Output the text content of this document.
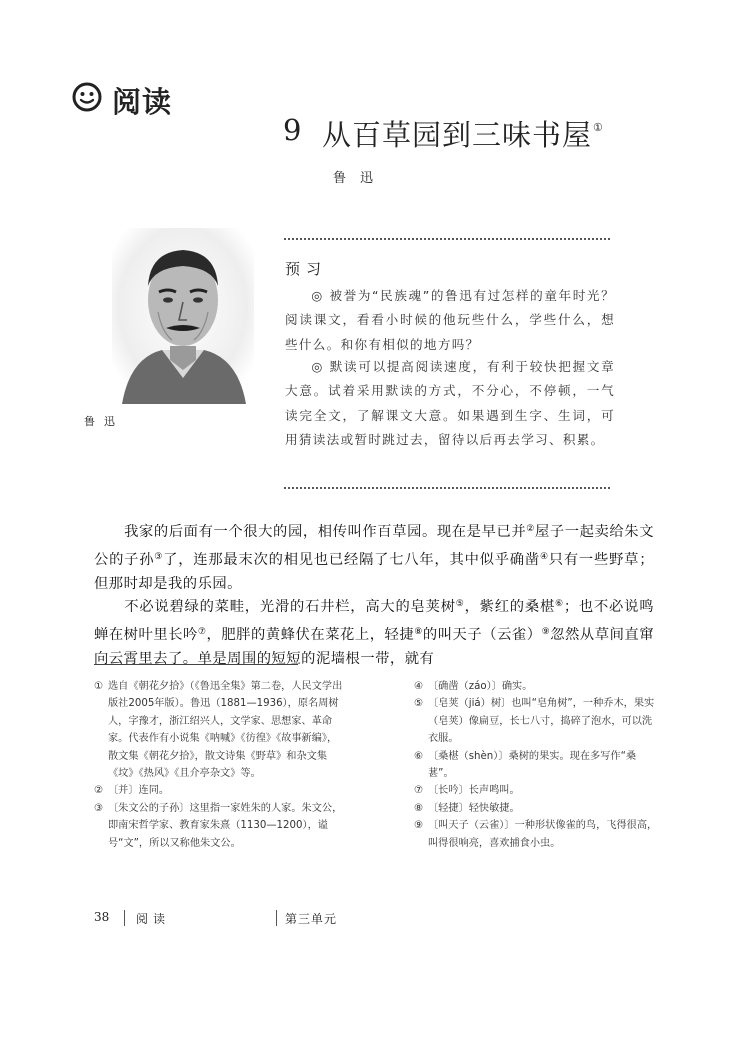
阅读
9 从百草园到三味书屋①
鲁迅
鲁迅
预习
◎ 被誉为“民族魂”的鲁迅有过怎样的童年时光？阅读课文，看看小时候的他玩些什么，学些什么，想些什么。和你有相似的地方吗？
◎ 默读可以提高阅读速度，有利于较快把握文章大意。试着采用默读的方式，不分心，不停顿，一气读完全文，了解课文大意。如果遇到生字、生词，可用猜读法或暂时跳过去，留待以后再去学习、积累。
我家的后面有一个很大的园，相传叫作百草园。现在是早已并②屋子一起卖给朱文公的子孙③了，连那最末次的相见也已经隔了七八年，其中似乎确凿④只有一些野草；但那时却是我的乐园。
不必说碧绿的菜畦，光滑的石井栏，高大的皂荚树⑤，紫红的桑椹⑥；也不必说鸣蝉在树叶里长吟⑦，肥胖的黄蜂伏在菜花上，轻捷⑧的叫天子（云雀）⑨忽然从草间直窜向云霄里去了。单是周围的短短的泥墙根一带，就有
① 选自《朝花夕拾》（《鲁迅全集》第二卷，人民文学出版社2005年版）。鲁迅（1881—1936），原名周树人，字豫才，浙江绍兴人，文学家、思想家、革命家。代表作有小说集《呐喊》《彷徨》《故事新编》，散文集《朝花夕拾》，散文诗集《野草》和杂文集《坟》《热风》《且介亭杂文》等。
② 〔并〕连同。
③ 〔朱文公的子孙〕这里指一家姓朱的人家。朱文公，即南宋哲学家、教育家朱熹（1130—1200），谥号“文”，所以又称他朱文公。
④ 〔确凿（záo）〕确实。
⑤ 〔皂荚（jiá）树〕也叫“皂角树”，一种乔木，果实（皂荚）像扁豆，长七八寸，捣碎了泡水，可以洗衣服。
⑥ 〔桑椹（shèn）〕桑树的果实。现在多写作“桑葚”。
⑦ 〔长吟〕长声鸣叫。
⑧ 〔轻捷〕轻快敏捷。
⑨ 〔叫天子（云雀）〕一种形状像雀的鸟，飞得很高，叫得很响亮，喜欢捕食小虫。
38 阅读	第三单元
